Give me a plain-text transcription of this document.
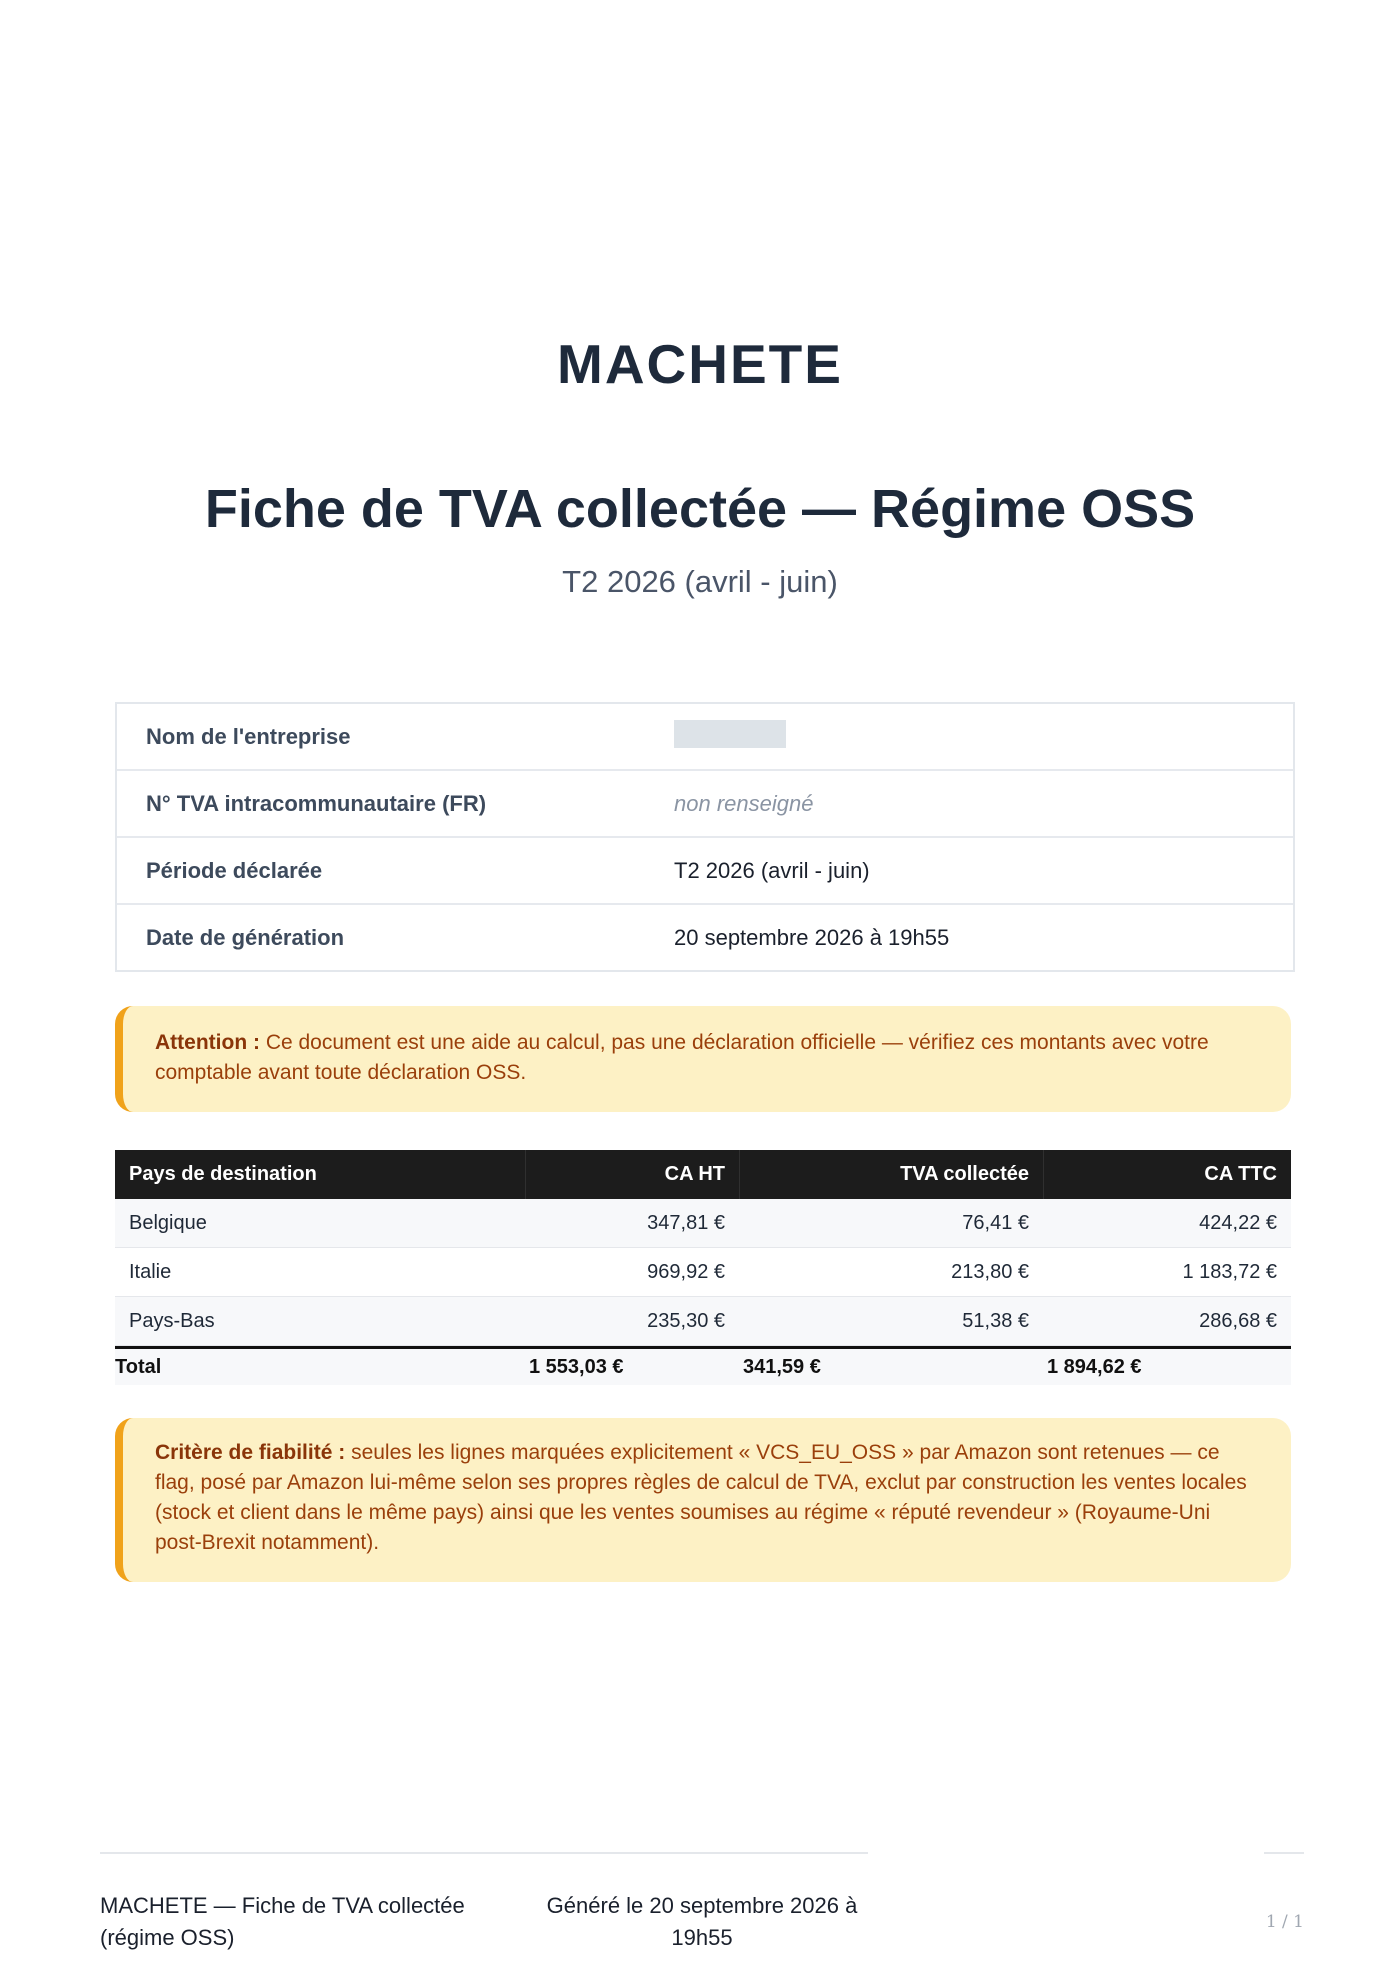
MACHETE
Fiche de TVA collectée — Régime OSS
T2 2026 (avril - juin)
Nom de l'entreprise
N° TVA intracommunautaire (FR)	non renseigné
Période déclarée	T2 2026 (avril - juin)
Date de génération	20 septembre 2026 à 19h55
Attention : Ce document est une aide au calcul, pas une déclaration officielle — vérifiez ces montants avec votre comptable avant toute déclaration OSS.
Pays de destination	CA HT	TVA collectée	CA TTC
Belgique	347,81 €	76,41 €	424,22 €
Italie	969,92 €	213,80 €	1 183,72 €
Pays-Bas	235,30 €	51,38 €	286,68 €
Total	1 553,03 €	341,59 €	1 894,62 €
Critère de fiabilité : seules les lignes marquées explicitement « VCS_EU_OSS » par Amazon sont retenues — ce flag, posé par Amazon lui-même selon ses propres règles de calcul de TVA, exclut par construction les ventes locales (stock et client dans le même pays) ainsi que les ventes soumises au régime « réputé revendeur » (Royaume-Uni post-Brexit notamment).
MACHETE — Fiche de TVA collectée (régime OSS)
Généré le 20 septembre 2026 à 19h55
1 / 1
